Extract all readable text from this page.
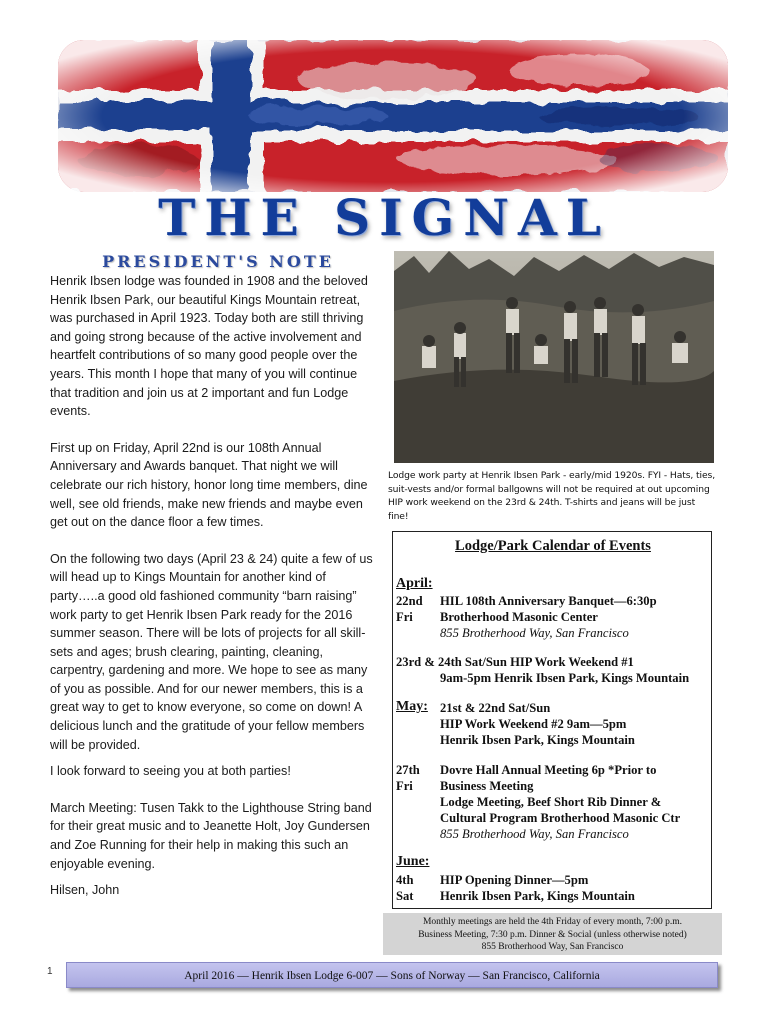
THE SIGNAL
PRESIDENT'S NOTE

Henrik Ibsen lodge was founded in 1908 and the beloved Henrik Ibsen Park, our beautiful Kings Mountain retreat, was purchased in April 1923. Today both are still thriving and going strong because of the active involvement and heartfelt contributions of so many good people over the years. This month I hope that many of you will continue that tradition and join us at 2 important and fun Lodge events.

First up on Friday, April 22nd is our 108th Annual Anniversary and Awards banquet. That night we will celebrate our rich history, honor long time members, dine well, see old friends, make new friends and maybe even get out on the dance floor a few times.

On the following two days (April 23 & 24) quite a few of us will head up to Kings Mountain for another kind of party…..a good old fashioned community “barn raising” work party to get Henrik Ibsen Park ready for the 2016 summer season. There will be lots of projects for all skill-sets and ages; brush clearing, painting, cleaning, carpentry, gardening and more. We hope to see as many of you as possible. And for our newer members, this is a great way to get to know everyone, so come on down! A delicious lunch and the gratitude of your fellow members will be provided.

I look forward to seeing you at both parties!

March Meeting: Tusen Takk to the Lighthouse String band for their great music and to Jeanette Holt, Joy Gundersen and Zoe Running for their help in making this such an enjoyable evening.

Hilsen, John

Lodge work party at Henrik Ibsen Park - early/mid 1920s. FYI - Hats, ties, suit-vests and/or formal ballgowns will not be required at out upcoming HIP work weekend on the 23rd & 24th. T-shirts and jeans will be just fine!
Lodge/Park Calendar of Events
April:
22nd HIL 108th Anniversary Banquet—6:30p
Fri Brotherhood Masonic Center
855 Brotherhood Way, San Francisco
23rd & 24th Sat/Sun HIP Work Weekend #1
9am-5pm Henrik Ibsen Park, Kings Mountain
May: 21st & 22nd Sat/Sun
HIP Work Weekend #2 9am—5pm
Henrik Ibsen Park, Kings Mountain
27th Dovre Hall Annual Meeting 6p *Prior to
Fri Business Meeting
Lodge Meeting, Beef Short Rib Dinner &
Cultural Program Brotherhood Masonic Ctr
855 Brotherhood Way, San Francisco
June:
4th HIP Opening Dinner—5pm
Sat Henrik Ibsen Park, Kings Mountain
Monthly meetings are held the 4th Friday of every month, 7:00 p.m.
Business Meeting, 7:30 p.m. Dinner & Social (unless otherwise noted)
855 Brotherhood Way, San Francisco
1	April 2016 — Henrik Ibsen Lodge 6-007 — Sons of Norway — San Francisco, California
